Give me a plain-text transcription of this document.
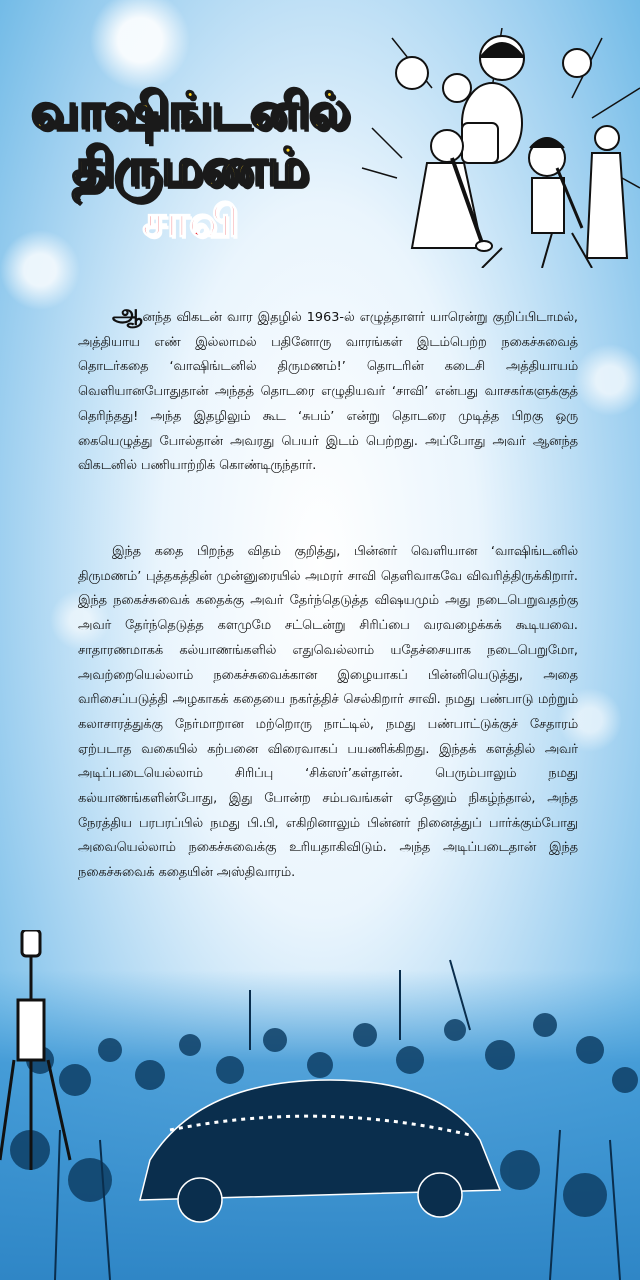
வாஷிங்டனில்
திருமணம்
சாவி
ஆனந்த விகடன் வார இதழில் 1963-ல் எழுத்தாளர் யாரென்று குறிப்பிடாமல், அத்தியாய எண் இல்லாமல் பதினோரு வாரங்கள் இடம்பெற்ற நகைச்சுவைத் தொடர்கதை ‘வாஷிங்டனில் திருமணம்!’ தொடரின் கடைசி அத்தியாயம் வெளியானபோதுதான் அந்தத் தொடரை எழுதியவர் ‘சாவி’ என்பது வாசகர்களுக்குத் தெரிந்தது! அந்த இதழிலும் கூட ‘சுபம்’ என்று தொடரை முடித்த பிறகு ஒரு கையெழுத்து போல்தான் அவரது பெயர் இடம் பெற்றது. அப்போது அவர் ஆனந்த விகடனில் பணியாற்றிக் கொண்டிருந்தார்.
இந்த கதை பிறந்த விதம் குறித்து, பின்னர் வெளியான ‘வாஷிங்டனில் திருமணம்’ புத்தகத்தின் முன்னுரையில் அமரர் சாவி தெளிவாகவே விவரித்திருக்கிறார். இந்த நகைச்சுவைக் கதைக்கு அவர் தேர்ந்தெடுத்த விஷயமும் அது நடைபெறுவதற்கு அவர் தேர்ந்தெடுத்த களமுமே சட்டென்று சிரிப்பை வரவழைக்கக் கூடியவை. சாதாரணமாகக் கல்யாணங்களில் எதுவெல்லாம் யதேச்சையாக நடைபெறுமோ, அவற்றையெல்லாம் நகைச்சுவைக்கான இழையாகப் பின்னியெடுத்து, அதை வரிசைப்படுத்தி அழகாகக் கதையை நகர்த்திச் செல்கிறார் சாவி. நமது பண்பாடு மற்றும் கலாசாரத்துக்கு நேர்மாறான மற்றொரு நாட்டில், நமது பண்பாட்டுக்குச் சேதாரம் ஏற்படாத வகையில் கற்பனை விரைவாகப் பயணிக்கிறது. இந்தக் களத்தில் அவர் அடிப்படையெல்லாம் சிரிப்பு ‘சிக்ஸர்’கள்தான். பெரும்பாலும் நமது கல்யாணங்களின்போது, இது போன்ற சம்பவங்கள் ஏதேனும் நிகழ்ந்தால், அந்த நேரத்திய பரபரப்பில் நமது பி.பி, எகிறினாலும் பின்னர் நினைத்துப் பார்க்கும்போது அவையெல்லாம் நகைச்சுவைக்கு உரியதாகிவிடும். அந்த அடிப்படைதான் இந்த நகைச்சுவைக் கதையின் அஸ்திவாரம்.
